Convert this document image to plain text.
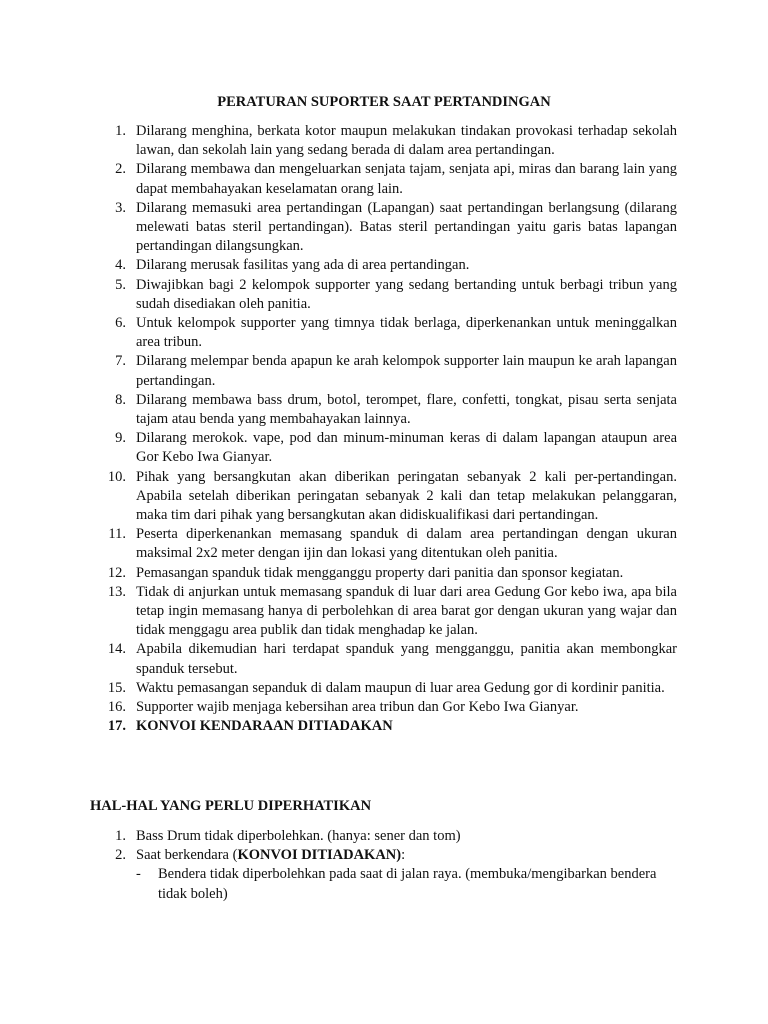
PERATURAN SUPORTER SAAT PERTANDINGAN
1. Dilarang menghina, berkata kotor maupun melakukan tindakan provokasi terhadap sekolah lawan, dan sekolah lain yang sedang berada di dalam area pertandingan.
2. Dilarang membawa dan mengeluarkan senjata tajam, senjata api, miras dan barang lain yang dapat membahayakan keselamatan orang lain.
3. Dilarang memasuki area pertandingan (Lapangan) saat pertandingan berlangsung (dilarang melewati batas steril pertandingan). Batas steril pertandingan yaitu garis batas lapangan pertandingan dilangsungkan.
4. Dilarang merusak fasilitas yang ada di area pertandingan.
5. Diwajibkan bagi 2 kelompok supporter yang sedang bertanding untuk berbagi tribun yang sudah disediakan oleh panitia.
6. Untuk kelompok supporter yang timnya tidak berlaga, diperkenankan untuk meninggalkan area tribun.
7. Dilarang melempar benda apapun ke arah kelompok supporter lain maupun ke arah lapangan pertandingan.
8. Dilarang membawa bass drum, botol, terompet, flare, confetti, tongkat, pisau serta senjata tajam atau benda yang membahayakan lainnya.
9. Dilarang merokok. vape, pod dan minum-minuman keras di dalam lapangan ataupun area Gor Kebo Iwa Gianyar.
10. Pihak yang bersangkutan akan diberikan peringatan sebanyak 2 kali per-pertandingan. Apabila setelah diberikan peringatan sebanyak 2 kali dan tetap melakukan pelanggaran, maka tim dari pihak yang bersangkutan akan didiskualifikasi dari pertandingan.
11. Peserta diperkenankan memasang spanduk di dalam area pertandingan dengan ukuran maksimal 2x2 meter dengan ijin dan lokasi yang ditentukan oleh panitia.
12. Pemasangan spanduk tidak mengganggu property dari panitia dan sponsor kegiatan.
13. Tidak di anjurkan untuk memasang spanduk di luar dari area Gedung Gor kebo iwa, apa bila tetap ingin memasang hanya di perbolehkan di area barat gor dengan ukuran yang wajar dan tidak menggagu area publik dan tidak menghadap ke jalan.
14. Apabila dikemudian hari terdapat spanduk yang mengganggu, panitia akan membongkar spanduk tersebut.
15. Waktu pemasangan sepanduk di dalam maupun di luar area Gedung gor di kordinir panitia.
16. Supporter wajib menjaga kebersihan area tribun dan Gor Kebo Iwa Gianyar.
17. KONVOI KENDARAAN DITIADAKAN
HAL-HAL YANG PERLU DIPERHATIKAN
1. Bass Drum tidak diperbolehkan. (hanya: sener dan tom)
2. Saat berkendara (KONVOI DITIADAKAN):
- Bendera tidak diperbolehkan pada saat di jalan raya. (membuka/mengibarkan bendera tidak boleh)
